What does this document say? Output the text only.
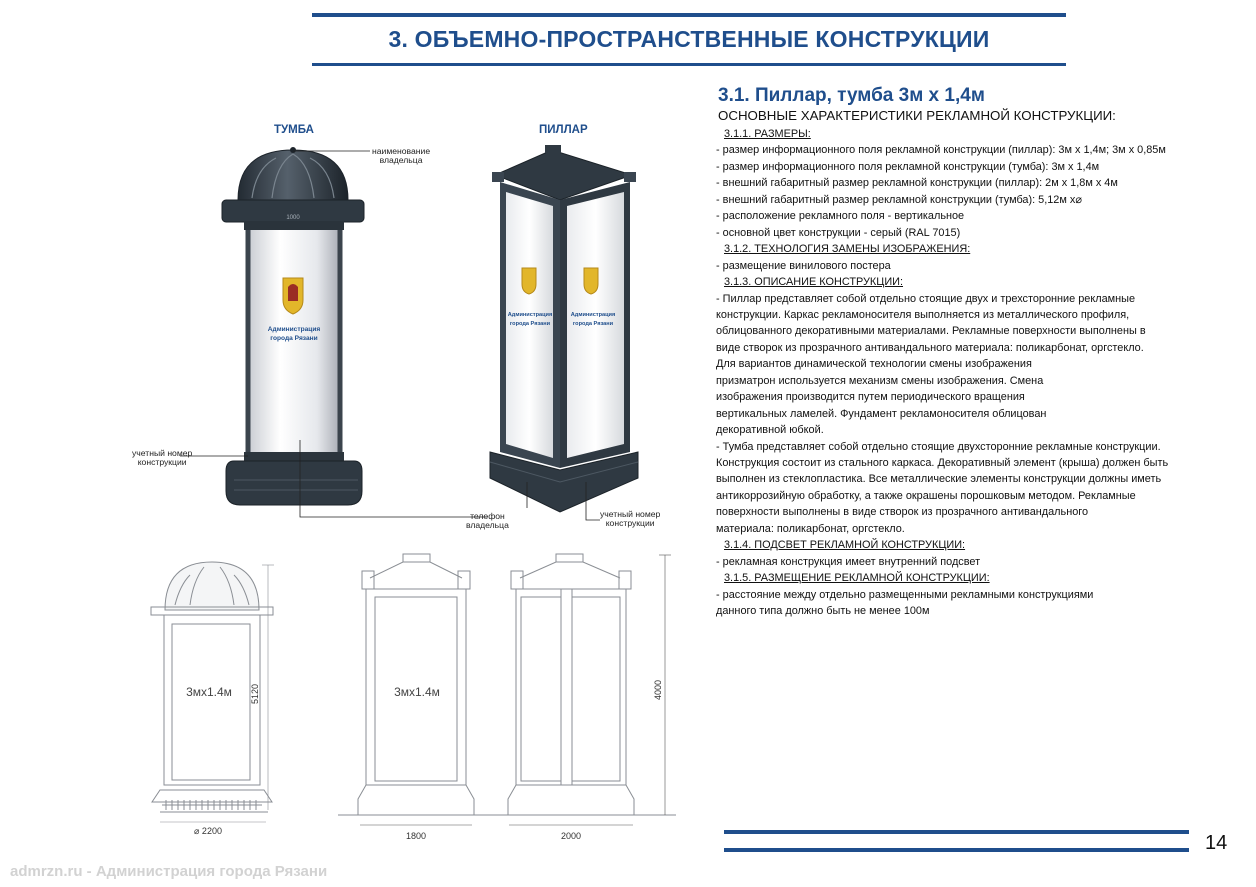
3. ОБЪЕМНО-ПРОСТРАНСТВЕННЫЕ КОНСТРУКЦИИ
3.1. Пиллар, тумба 3м х 1,4м
ОСНОВНЫЕ ХАРАКТЕРИСТИКИ РЕКЛАМНОЙ КОНСТРУКЦИИ:
3.1.1. РАЗМЕРЫ:
- размер информационного поля рекламной конструкции (пиллар): 3м х 1,4м; 3м х 0,85м
- размер информационного поля рекламной конструкции (тумба): 3м х 1,4м
- внешний габаритный размер рекламной конструкции (пиллар): 2м х 1,8м х 4м
- внешний габаритный размер рекламной конструкции (тумба): 5,12м х⌀
- расположение рекламного поля - вертикальное
- основной цвет конструкции - серый (RAL 7015)
3.1.2. ТЕХНОЛОГИЯ ЗАМЕНЫ ИЗОБРАЖЕНИЯ:
- размещение винилового постера
3.1.3. ОПИСАНИЕ КОНСТРУКЦИИ:
- Пиллар представляет собой отдельно стоящие двух и трехсторонние рекламные
конструкции. Каркас рекламоносителя выполняется из металлического профиля,
облицованного декоративными материалами. Рекламные поверхности выполнены в
виде створок из прозрачного антивандального материала: поликарбонат, оргстекло.
Для вариантов динамической технологии смены изображения
призматрон используется механизм смены изображения. Смена
изображения производится путем периодического вращения
вертикальных ламелей. Фундамент рекламоносителя облицован
декоративной юбкой.
- Тумба представляет собой отдельно стоящие двухсторонние рекламные конструкции.
Конструкция состоит из стального каркаса. Декоративный элемент (крыша) должен быть
выполнен из стеклопластика. Все металлические элементы конструкции должны иметь
антикоррозийную обработку, а также окрашены порошковым методом. Рекламные
поверхности выполнены в виде створок из прозрачного антивандального
материала: поликарбонат, оргстекло.
3.1.4. ПОДСВЕТ РЕКЛАМНОЙ КОНСТРУКЦИИ:
- рекламная конструкция имеет внутренний подсвет
3.1.5. РАЗМЕЩЕНИЕ РЕКЛАМНОЙ КОНСТРУКЦИИ:
- расстояние между отдельно размещенными рекламными конструкциями
данного типа должно быть не менее 100м
ТУМБА	ПИЛЛАР
наименование
владельца
учетный номер
конструкции
телефон
владельца
учетный номер
конструкции
1000
Администрация
города Рязани
Администрация
города Рязани
Администрация
города Рязани
3мх1.4м 5120
⌀ 2200
3мх1.4м	4000
1800	2000	14
admrzn.ru - Администрация города Рязани
